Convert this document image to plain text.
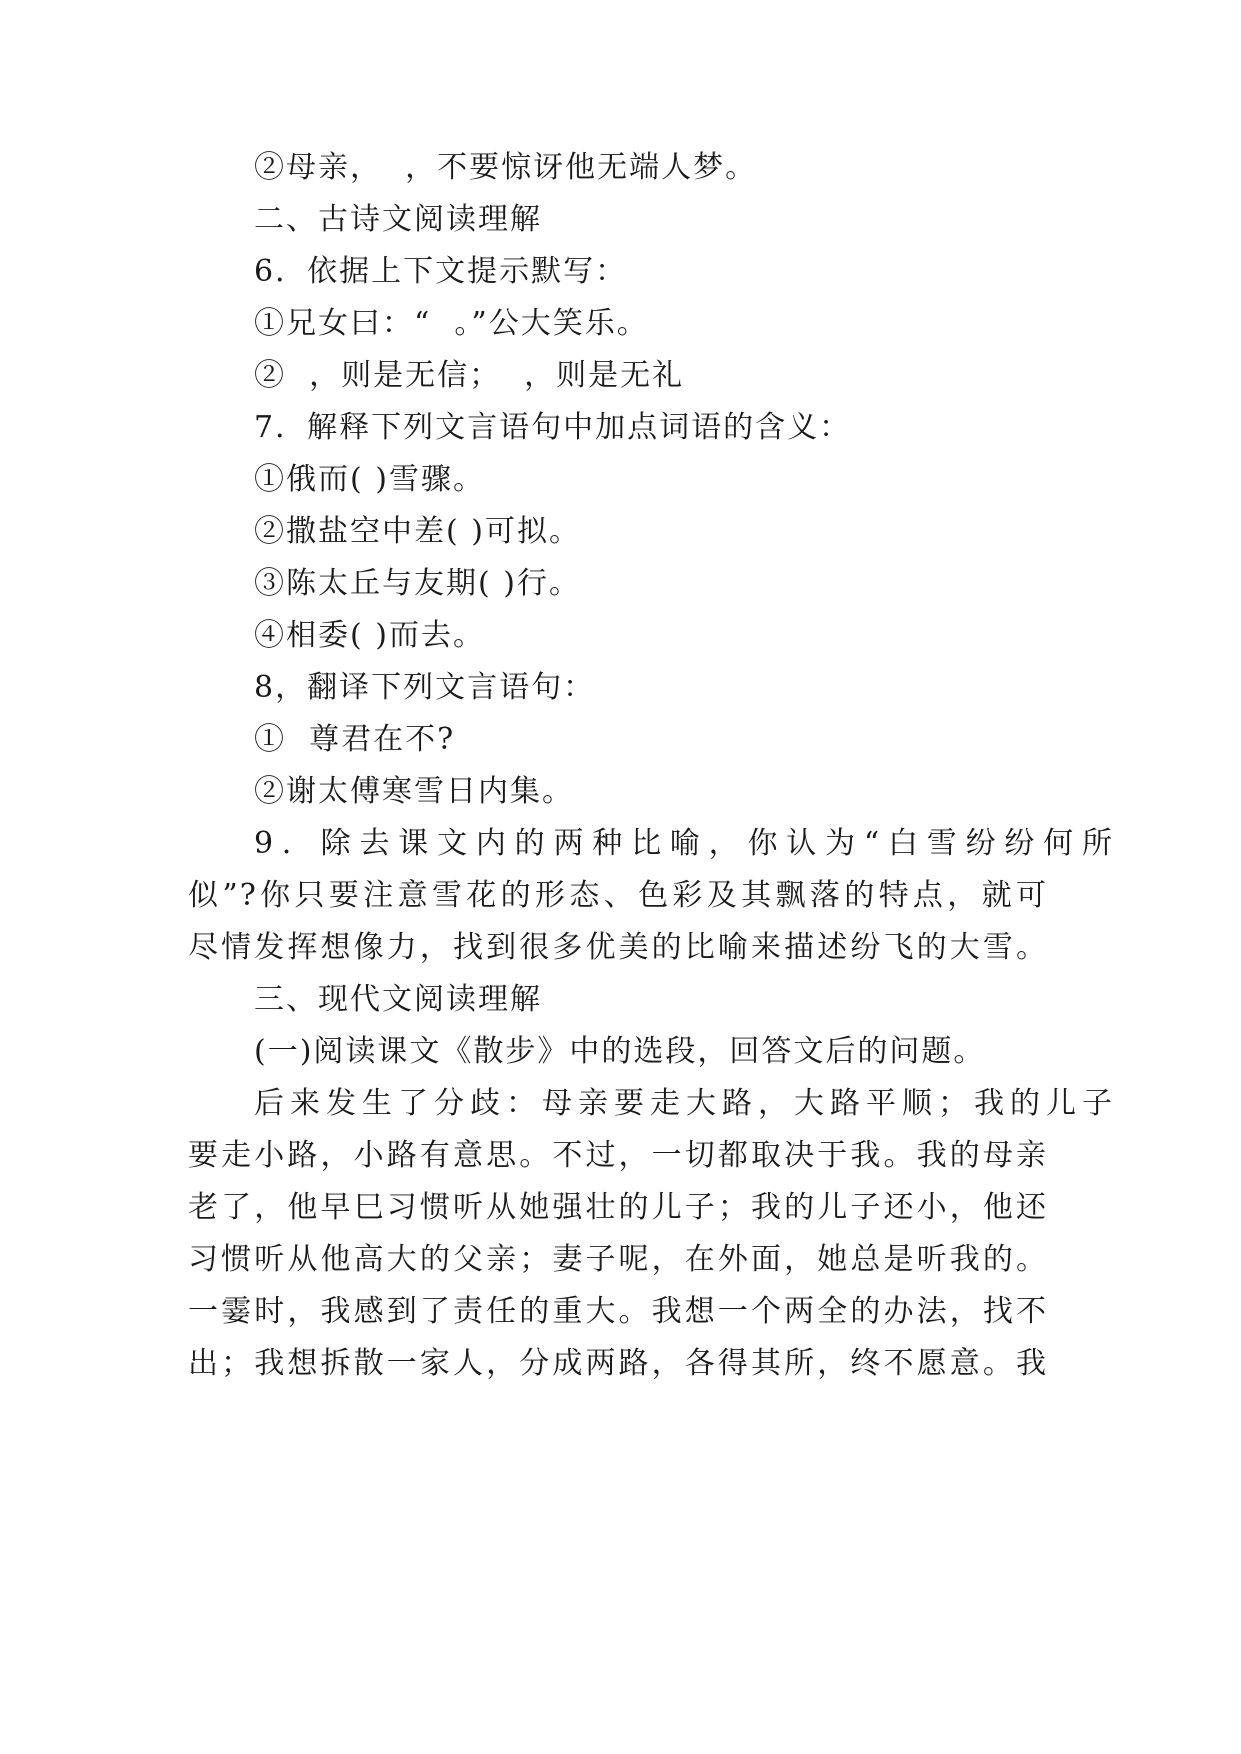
②母亲，  ，不要惊讶他无端人梦。
二、古诗文阅读理解
6．依据上下文提示默写：
①兄女曰：“  。”公大笑乐。
②  ，则是无信；  ，则是无礼
7．解释下列文言语句中加点词语的含义：
①俄而( )雪骤。
②撒盐空中差( )可拟。
③陈太丘与友期( )行。
④相委( )而去。
8，翻译下列文言语句：
①  尊君在不?
②谢太傅寒雪日内集。
9．除去课文内的两种比喻，你认为“白雪纷纷何所
似”?你只要注意雪花的形态、色彩及其飘落的特点，就可
尽情发挥想像力，找到很多优美的比喻来描述纷飞的大雪。
三、现代文阅读理解
(一)阅读课文《散步》中的选段，回答文后的问题。
后来发生了分歧：母亲要走大路，大路平顺；我的儿子
要走小路，小路有意思。不过，一切都取决于我。我的母亲
老了，他早巳习惯听从她强壮的儿子；我的儿子还小，他还
习惯听从他高大的父亲；妻子呢，在外面，她总是听我的。
一霎时，我感到了责任的重大。我想一个两全的办法，找不
出；我想拆散一家人，分成两路，各得其所，终不愿意。我
